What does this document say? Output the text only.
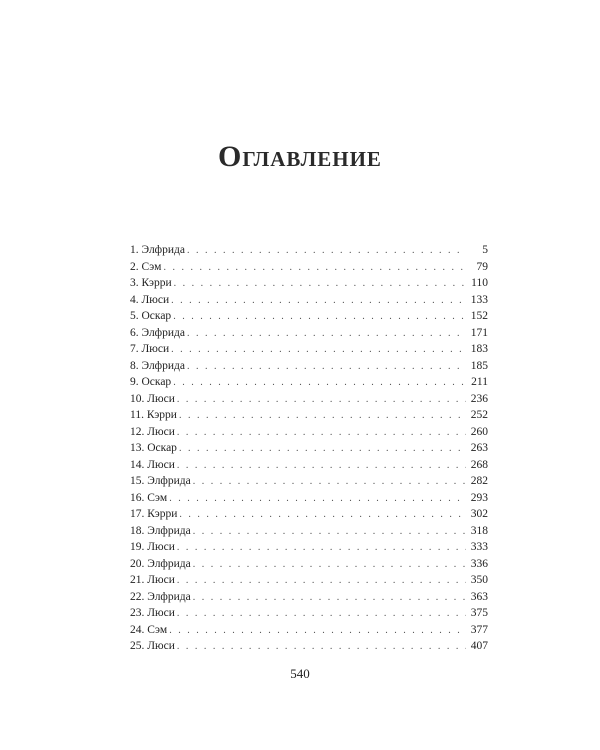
Оглавление
1. Элфрида . . .	5
2. Сэм . . .	79
3. Кэрри . . .	110
4. Люси . . .	133
5. Оскар . . .	152
6. Элфрида . . .	171
7. Люси . . .	183
8. Элфрида . . .	185
9. Оскар . . .	211
10. Люси . . .	236
11. Кэрри . . .	252
12. Люси . . .	260
13. Оскар . . .	263
14. Люси . . .	268
15. Элфрида . . .	282
16. Сэм . . .	293
17. Кэрри . . .	302
18. Элфрида . . .	318
19. Люси . . .	333
20. Элфрида . . .	336
21. Люси . . .	350
22. Элфрида . . .	363
23. Люси . . .	375
24. Сэм . . .	377
25. Люси . . .	407
540
